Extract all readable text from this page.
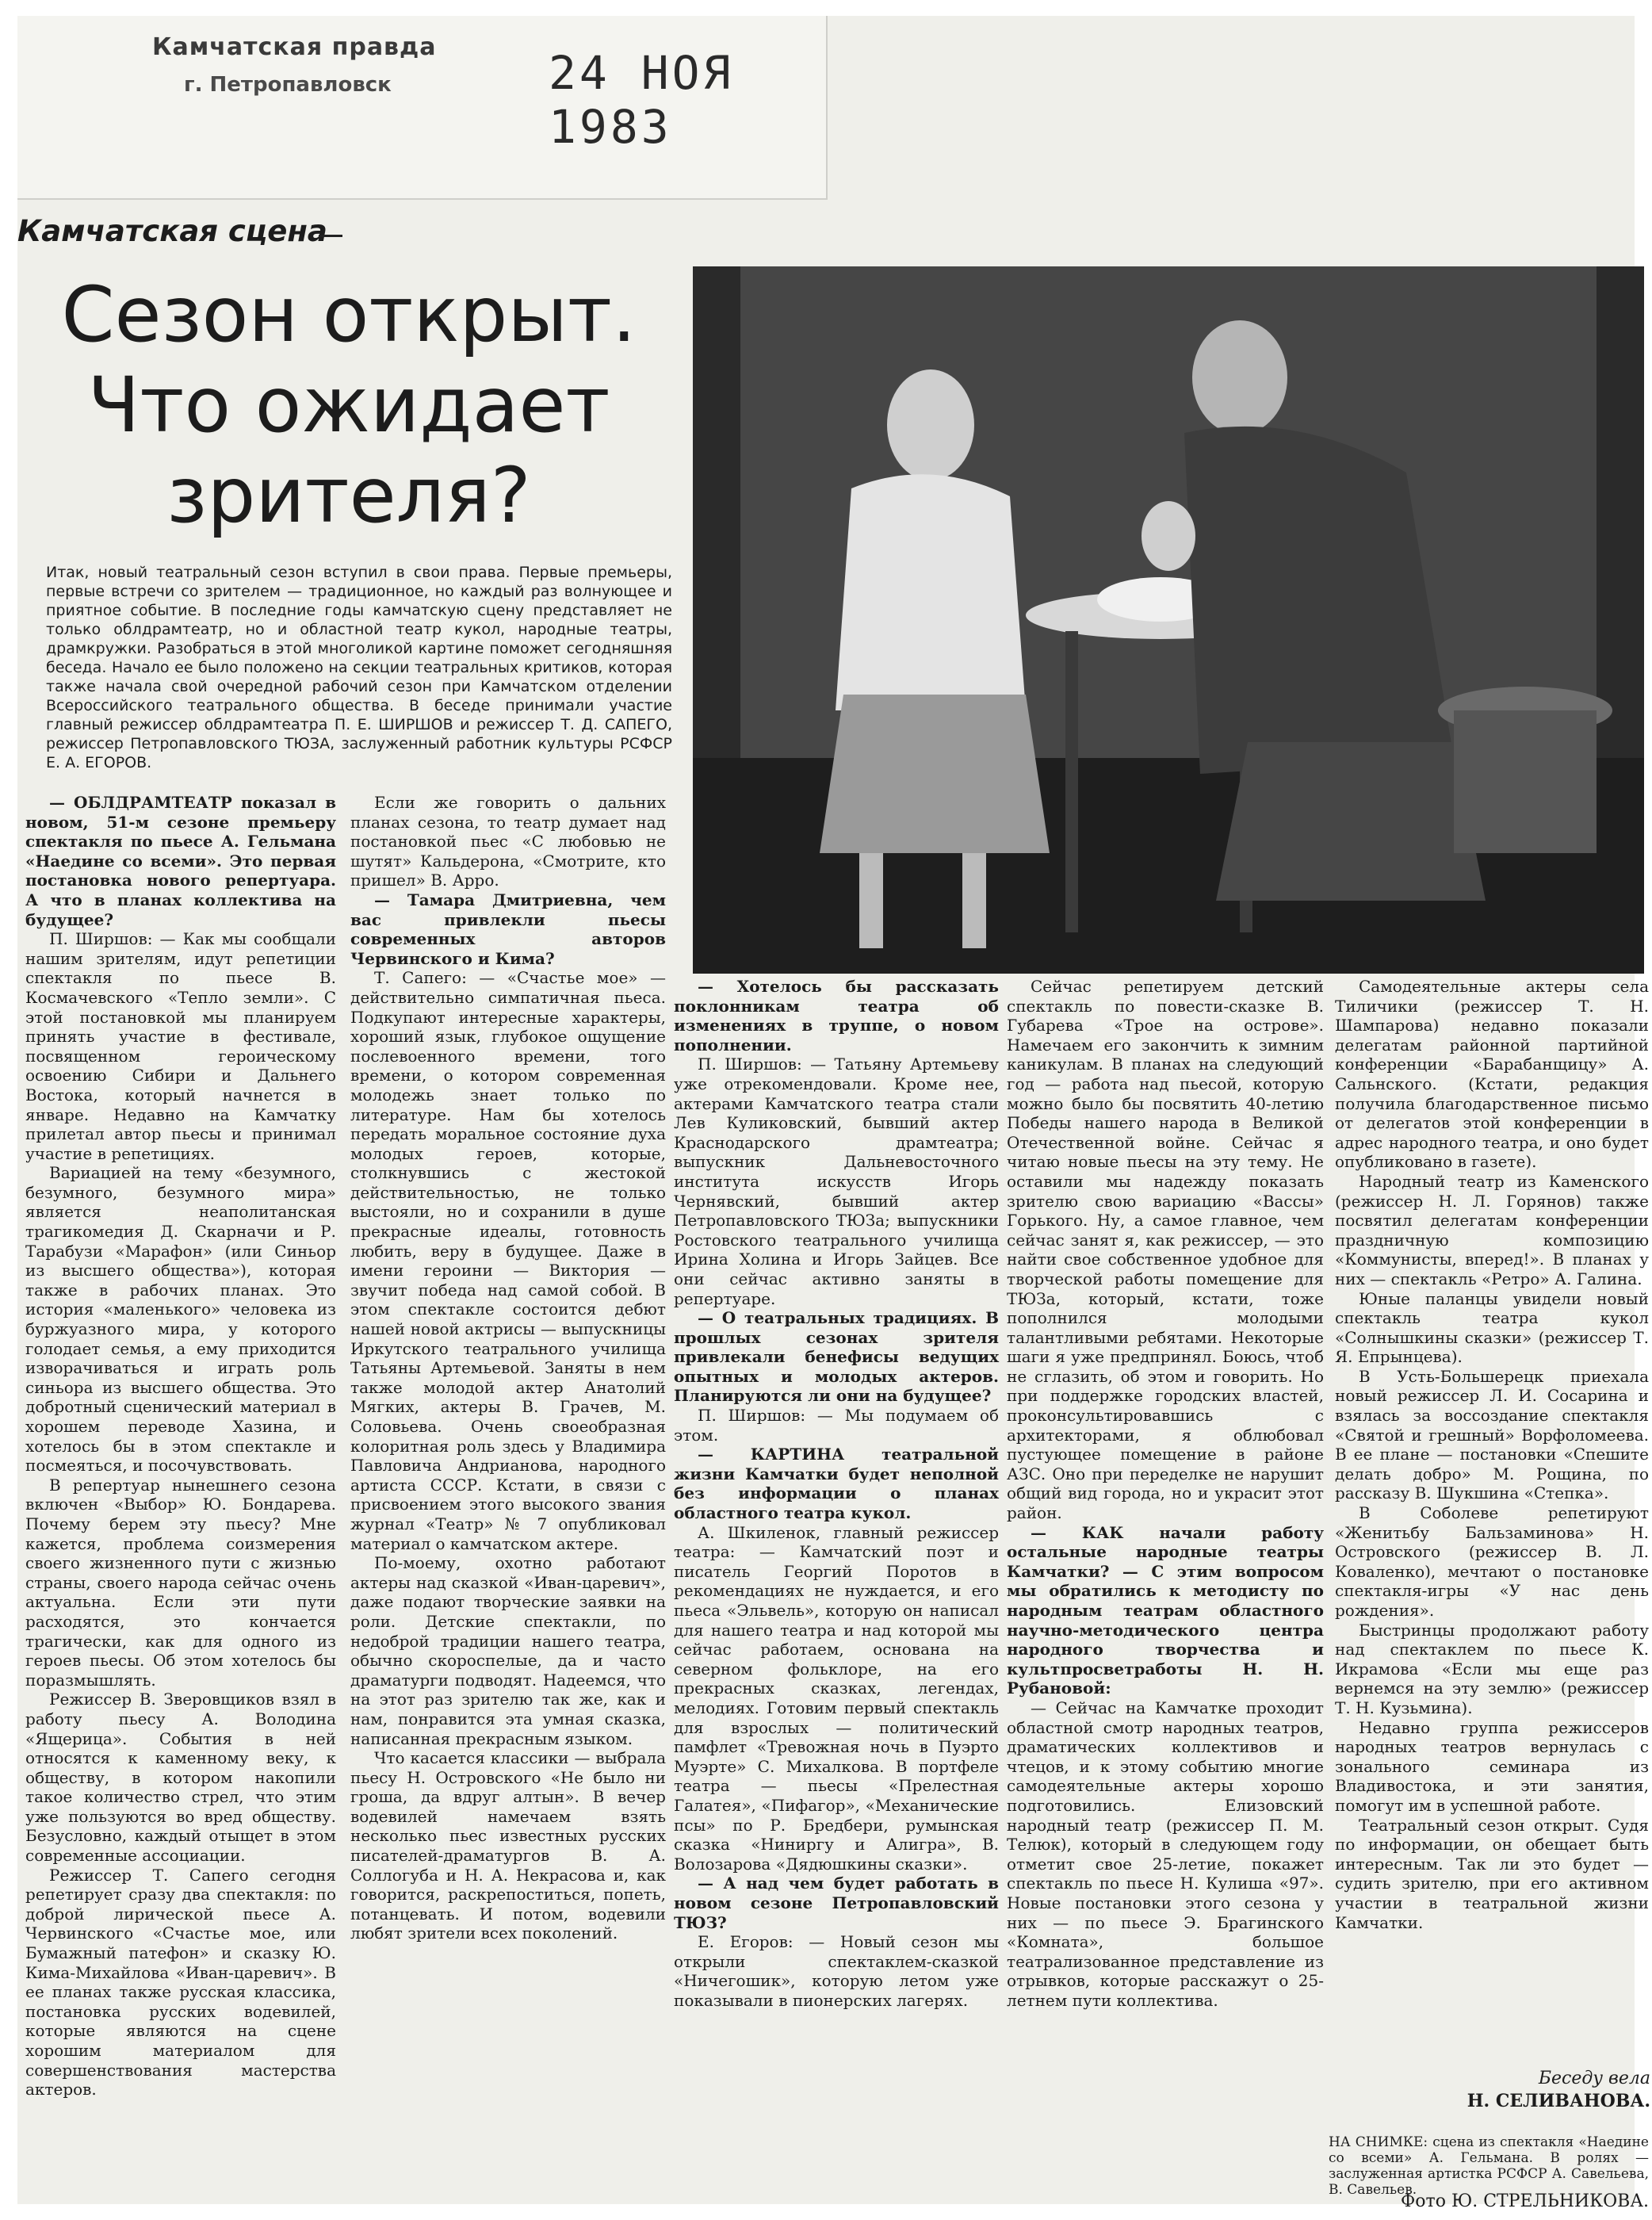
Камчатская правда
г. Петропавловск	24 НОЯ 1983
Камчатская сцена
Сезон открыт.
Что ожидает
зрителя?
Итак, новый театральный сезон вступил в свои права. Первые премьеры, первые встречи со зрителем — традиционное, но каждый раз волнующее и приятное событие. В последние годы камчатскую сцену представляет не только облдрамтеатр, но и областной театр кукол, народные театры, драмкружки. Разобраться в этой многоликой картине поможет сегодняшняя беседа. Начало ее было положено на секции театральных критиков, которая также начала свой очередной рабочий сезон при Камчатском отделении Всероссийского театрального общества. В беседе принимали участие главный режиссер облдрамтеатра П. Е. ШИРШОВ и режиссер Т. Д. САПЕГО, режиссер Петропавловского ТЮЗА, заслуженный работник культуры РСФСР Е. А. ЕГОРОВ.

— ОБЛДРАМТЕАТР показал в новом, 51-м сезоне премьеру спектакля по пьесе А. Гельмана «Наедине со всеми». Это первая постановка нового репертуара. А что в планах коллектива на будущее?

П. Ширшов: — Как мы сообщали нашим зрителям, идут репетиции спектакля по пьесе В. Космачевского «Тепло земли». С этой постановкой мы планируем принять участие в фестивале, посвященном героическому освоению Сибири и Дальнего Востока, который начнется в январе. Недавно на Камчатку прилетал автор пьесы и принимал участие в репетициях.

Вариацией на тему «безумного, безумного, безумного мира» является неаполитанская трагикомедия Д. Скарначи и Р. Тарабузи «Марафон» (или Синьор из высшего общества»), которая также в рабочих планах. Это история «маленького» человека из буржуазного мира, у которого голодает семья, а ему приходится изворачиваться и играть роль синьора из высшего общества. Это добротный сценический материал в хорошем переводе Хазина, и хотелось бы в этом спектакле и посмеяться, и посочувствовать.

В репертуар нынешнего сезона включен «Выбор» Ю. Бондарева. Почему берем эту пьесу? Мне кажется, проблема соизмерения своего жизненного пути с жизнью страны, своего народа сейчас очень актуальна. Если эти пути расходятся, это кончается трагически, как для одного из героев пьесы. Об этом хотелось бы поразмышлять.

Режиссер В. Зверовщиков взял в работу пьесу А. Володина «Ящерица». События в ней относятся к каменному веку, к обществу, в котором накопили такое количество стрел, что этим уже пользуются во вред обществу. Безусловно, каждый отыщет в этом современные ассоциации.

Режиссер Т. Сапего сегодня репетирует сразу два спектакля: по доброй лирической пьесе А. Червинского «Счастье мое, или Бумажный патефон» и сказку Ю. Кима-Михайлова «Иван-царевич». В ее планах также русская классика, постановка русских водевилей, которые являются на сцене хорошим материалом для совершенствования мастерства актеров.

Если же говорить о дальних планах сезона, то театр думает над постановкой пьес «С любовью не шутят» Кальдерона, «Смотрите, кто пришел» В. Арро.

— Тамара Дмитриевна, чем вас привлекли пьесы современных авторов Червинского и Кима?

Т. Сапего: — «Счастье мое» — действительно симпатичная пьеса. Подкупают интересные характеры, хороший язык, глубокое ощущение послевоенного времени, того времени, о котором современная молодежь знает только по литературе. Нам бы хотелось передать моральное состояние духа молодых героев, которые, столкнувшись с жестокой действительностью, не только выстояли, но и сохранили в душе прекрасные идеалы, готовность любить, веру в будущее. Даже в имени героини — Виктория — звучит победа над самой собой. В этом спектакле состоится дебют нашей новой актрисы — выпускницы Иркутского театрального училища Татьяны Артемьевой. Заняты в нем также молодой актер Анатолий Мягких, актеры В. Грачев, М. Соловьева. Очень своеобразная колоритная роль здесь у Владимира Павловича Андрианова, народного артиста СССР. Кстати, в связи с присвоением этого высокого звания журнал «Театр» № 7 опубликовал материал о камчатском актере.

По-моему, охотно работают актеры над сказкой «Иван-царевич», даже подают творческие заявки на роли. Детские спектакли, по недоброй традиции нашего театра, обычно скороспелые, да и часто драматурги подводят. Надеемся, что на этот раз зрителю так же, как и нам, понравится эта умная сказка, написанная прекрасным языком.

Что касается классики — выбрала пьесу Н. Островского «Не было ни гроша, да вдруг алтын». В вечер водевилей намечаем взять несколько пьес известных русских писателей-драматургов В. А. Соллогуба и Н. А. Некрасова и, как говорится, раскрепоститься, попеть, потанцевать. И потом, водевили любят зрители всех поколений.

— Хотелось бы рассказать поклонникам театра об изменениях в труппе, о новом пополнении.

П. Ширшов: — Татьяну Артемьеву уже отрекомендовали. Кроме нее, актерами Камчатского театра стали Лев Куликовский, бывший актер Краснодарского драмтеатра; выпускник Дальневосточного института искусств Игорь Чернявский, бывший актер Петропавловского ТЮЗа; выпускники Ростовского театрального училища Ирина Холина и Игорь Зайцев. Все они сейчас активно заняты в репертуаре.

— О театральных традициях. В прошлых сезонах зрителя привлекали бенефисы ведущих опытных и молодых актеров. Планируются ли они на будущее?

П. Ширшов: — Мы подумаем об этом.

— КАРТИНА театральной жизни Камчатки будет неполной без информации о планах областного театра кукол.

А. Шкиленок, главный режиссер театра: — Камчатский поэт и писатель Георгий Поротов в рекомендациях не нуждается, и его пьеса «Эльвель», которую он написал для нашего театра и над которой мы сейчас работаем, основана на северном фольклоре, на его прекрасных сказках, легендах, мелодиях. Готовим первый спектакль для взрослых — политический памфлет «Тревожная ночь в Пуэрто Муэрте» С. Михалкова. В портфеле театра — пьесы «Прелестная Галатея», «Пифагор», «Механические псы» по Р. Бредбери, румынская сказка «Ниниргу и Алигра», В. Волозарова «Дядюшкины сказки».

— А над чем будет работать в новом сезоне Петропавловский ТЮЗ?

Е. Егоров: — Новый сезон мы открыли спектаклем-сказкой «Ничегошик», которую летом уже показывали в пионерских лагерях.

Сейчас репетируем детский спектакль по повести-сказке В. Губарева «Трое на острове». Намечаем его закончить к зимним каникулам. В планах на следующий год — работа над пьесой, которую можно было бы посвятить 40-летию Победы нашего народа в Великой Отечественной войне. Сейчас я читаю новые пьесы на эту тему. Не оставили мы надежду показать зрителю свою вариацию «Вассы» Горького. Ну, а самое главное, чем сейчас занят я, как режиссер, — это найти свое собственное удобное для творческой работы помещение для ТЮЗа, который, кстати, тоже пополнился молодыми талантливыми ребятами. Некоторые шаги я уже предпринял. Боюсь, чтоб не сглазить, об этом и говорить. Но при поддержке городских властей, проконсультировавшись с архитекторами, я облюбовал пустующее помещение в районе АЗС. Оно при переделке не нарушит общий вид города, но и украсит этот район.

— КАК начали работу остальные народные театры Камчатки? — С этим вопросом мы обратились к методисту по народным театрам областного научно-методического центра народного творчества и культпросветработы Н. Н. Рубановой:

— Сейчас на Камчатке проходит областной смотр народных театров, драматических коллективов и чтецов, и к этому событию многие самодеятельные актеры хорошо подготовились. Елизовский народный театр (режиссер П. М. Телюк), который в следующем году отметит свое 25-летие, покажет спектакль по пьесе Н. Кулиша «97». Новые постановки этого сезона у них — по пьесе Э. Брагинского «Комната», большое театрализованное представление из отрывков, которые расскажут о 25-летнем пути коллектива.

Самодеятельные актеры села Тиличики (режиссер Т. Н. Шампарова) недавно показали делегатам районной партийной конференции «Барабанщицу» А. Сальнского. (Кстати, редакция получила благодарственное письмо от делегатов этой конференции в адрес народного театра, и оно будет опубликовано в газете).

Народный театр из Каменского (режиссер Н. Л. Горянов) также посвятил делегатам конференции праздничную композицию «Коммунисты, вперед!». В планах у них — спектакль «Ретро» А. Галина.

Юные паланцы увидели новый спектакль театра кукол «Солнышкины сказки» (режиссер Т. Я. Епрынцева).

В Усть-Большерецк приехала новый режиссер Л. И. Сосарина и взялась за воссоздание спектакля «Святой и грешный» Ворфоломеева. В ее плане — постановки «Спешите делать добро» М. Рощина, по рассказу В. Шукшина «Степка».

В Соболеве репетируют «Женитьбу Бальзаминова» Н. Островского (режиссер В. Л. Коваленко), мечтают о постановке спектакля-игры «У нас день рождения».

Быстринцы продолжают работу над спектаклем по пьесе К. Икрамова «Если мы еще раз вернемся на эту землю» (режиссер Т. Н. Кузьмина).

Недавно группа режиссеров народных театров вернулась с зонального семинара из Владивостока, и эти занятия, помогут им в успешной работе.

Театральный сезон открыт. Судя по информации, он обещает быть интересным. Так ли это будет — судить зрителю, при его активном участии в театральной жизни Камчатки.

Беседу вела
Н. СЕЛИВАНОВА.
НА СНИМКЕ: сцена из спектакля «Наедине со всеми» А. Гельмана. В ролях — заслуженная артистка РСФСР А. Савельева, В. Савельев.
Фото Ю. СТРЕЛЬНИКОВА.
